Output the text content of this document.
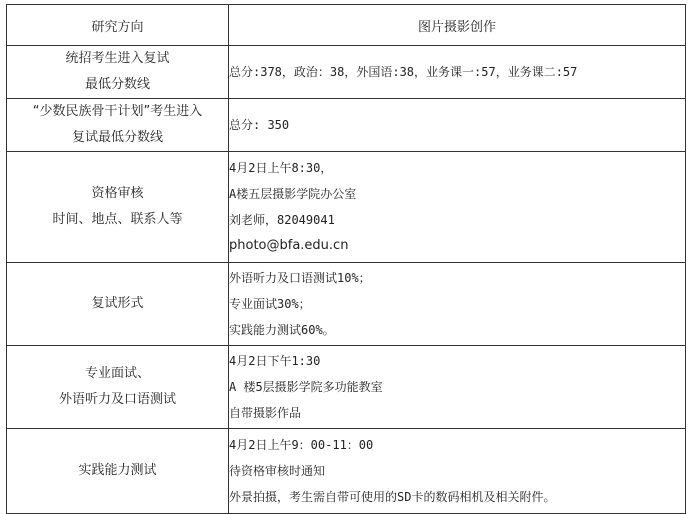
研究方向	图片摄影创作

统招考生进入复试
最低分数线	总分:378，政治：38，外国语:38，业务课一:57，业务课二:57

“少数民族骨干计划”考生进入
复试最低分数线	总分: 350

资格审核
时间、地点、联系人等	4月2日上午8:30，
A楼五层摄影学院办公室
刘老师，82049041
photo@bfa.edu.cn

复试形式	外语听力及口语测试10%；
专业面试30%；
实践能力测试60%。

专业面试、
外语听力及口语测试	4月2日下午1:30
A 楼5层摄影学院多功能教室
自带摄影作品

实践能力测试	4月2日上午9：00-11：00
待资格审核时通知
外景拍摄，考生需自带可使用的SD卡的数码相机及相关附件。
